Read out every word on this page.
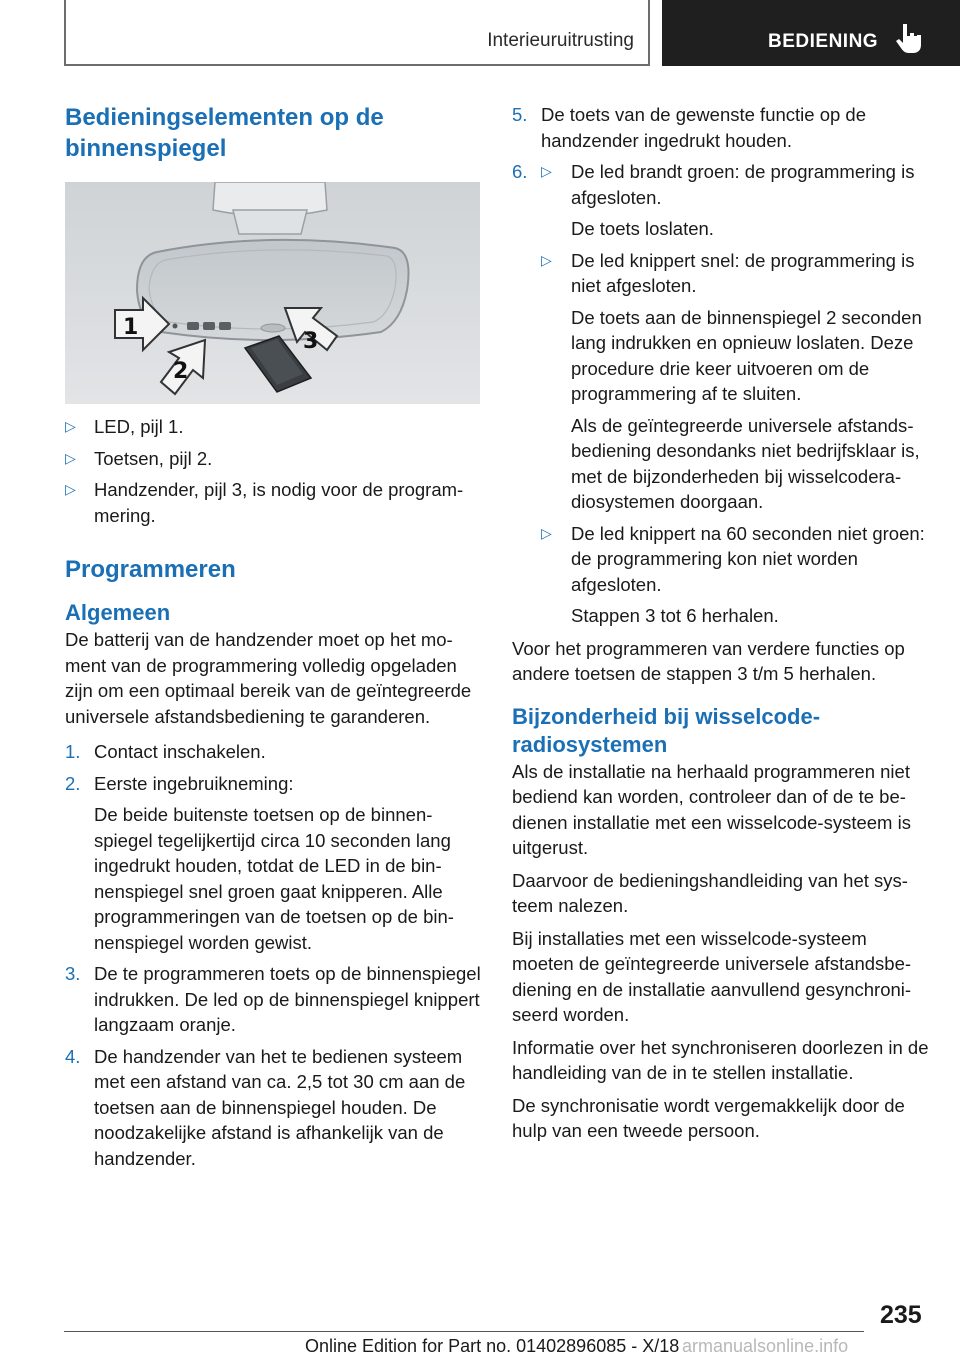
Interieuruitrusting	BEDIENING
Bedieningselementen op de binnenspiegel
1
2
3
▷ LED, pijl 1.
▷ Toetsen, pijl 2.
▷ Handzender, pijl 3, is nodig voor de programmering.
Programmeren
Algemeen

De batterij van de handzender moet op het moment van de programmering volledig opgeladen zijn om een optimaal bereik van de geïntegreerde universele afstandsbediening te garanderen.

1. Contact inschakelen.
2. Eerste ingebruikneming:
De beide buitenste toetsen op de binnenspiegel tegelijkertijd circa 10 seconden lang ingedrukt houden, totdat de LED in de binnenspiegel snel groen gaat knipperen. Alle programmeringen van de toetsen op de binnenspiegel worden gewist.
3. De te programmeren toets op de binnenspiegel indrukken. De led op de binnenspiegel knippert langzaam oranje.
4. De handzender van het te bedienen systeem met een afstand van ca. 2,5 tot 30 cm aan de toetsen aan de binnenspiegel houden. De noodzakelijke afstand is afhankelijk van de handzender.
5. De toets van de gewenste functie op de handzender ingedrukt houden.
6. ▷ De led brandt groen: de programmering is afgesloten.
De toets loslaten.
▷ De led knippert snel: de programmering is niet afgesloten.
De toets aan de binnenspiegel 2 seconden lang indrukken en opnieuw loslaten. Deze procedure drie keer uitvoeren om de programmering af te sluiten.
Als de geïntegreerde universele afstandsbediening desondanks niet bedrijfsklaar is, met de bijzonderheden bij wisselcoderadiosystemen doorgaan.
▷ De led knippert na 60 seconden niet groen: de programmering kon niet worden afgesloten.
Stappen 3 tot 6 herhalen.

Voor het programmeren van verdere functies op andere toetsen de stappen 3 t/m 5 herhalen.

Bijzonderheid bij wisselcoderadiosystemen

Als de installatie na herhaald programmeren niet bediend kan worden, controleer dan of de te bedienen installatie met een wisselcode-systeem is uitgerust.

Daarvoor de bedieningshandleiding van het systeem nalezen.

Bij installaties met een wisselcode-systeem moeten de geïntegreerde universele afstandsbediening en de installatie aanvullend gesynchroniseerd worden.

Informatie over het synchroniseren doorlezen in de handleiding van de in te stellen installatie.

De synchronisatie wordt vergemakkelijk door de hulp van een tweede persoon.

235
Online Edition for Part no. 01402896085 - X/18 armanualsonline.info
